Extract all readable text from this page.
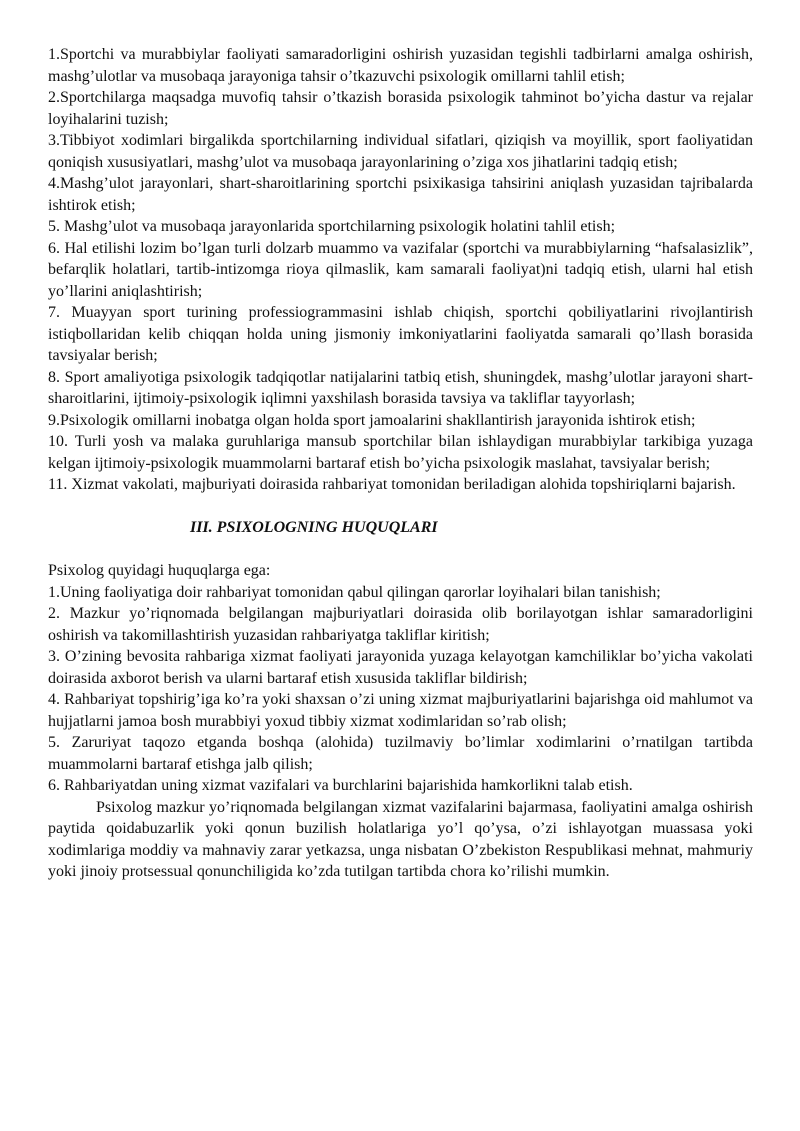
1.Sportchi va murabbiylar faoliyati samaradorligini oshirish yuzasidan tegishli tadbirlarni amalga oshirish, mashg’ulotlar va musobaqa jarayoniga tahsir o’tkazuvchi psixologik omillarni tahlil etish;

2.Sportchilarga maqsadga muvofiq tahsir o’tkazish borasida psixologik tahminot bo’yicha dastur va rejalar loyihalarini tuzish;

3.Tibbiyot xodimlari birgalikda sportchilarning individual sifatlari, qiziqish va moyillik, sport faoliyatidan qoniqish xususiyatlari, mashg’ulot va musobaqa jarayonlarining o’ziga xos jihatlarini tadqiq etish;

4.Mashg’ulot jarayonlari, shart-sharoitlarining sportchi psixikasiga tahsirini aniqlash yuzasidan tajribalarda ishtirok etish;

5. Mashg’ulot va musobaqa jarayonlarida sportchilarning psixologik holatini tahlil etish;

6. Hal etilishi lozim bo’lgan turli dolzarb muammo va vazifalar (sportchi va murabbiylarning “hafsalasizlik”, befarqlik holatlari, tartib-intizomga rioya qilmaslik, kam samarali faoliyat)ni tadqiq etish, ularni hal etish yo’llarini aniqlashtirish;

7. Muayyan sport turining professiogrammasini ishlab chiqish, sportchi qobiliyatlarini rivojlantirish istiqbollaridan kelib chiqqan holda uning jismoniy imkoniyatlarini faoliyatda samarali qo’llash borasida tavsiyalar berish;

8. Sport amaliyotiga psixologik tadqiqotlar natijalarini tatbiq etish, shuningdek, mashg’ulotlar jarayoni shart-sharoitlarini, ijtimoiy-psixologik iqlimni yaxshilash borasida tavsiya va takliflar tayyorlash;

9.Psixologik omillarni inobatga olgan holda sport jamoalarini shakllantirish jarayonida ishtirok etish;

10. Turli yosh va malaka guruhlariga mansub sportchilar bilan ishlaydigan murabbiylar tarkibiga yuzaga kelgan ijtimoiy-psixologik muammolarni bartaraf etish bo’yicha psixologik maslahat, tavsiyalar berish;

11. Xizmat vakolati, majburiyati doirasida rahbariyat tomonidan beriladigan alohida topshiriqlarni bajarish.

III. PSIXOLOGNING HUQUQLARI

Psixolog quyidagi huquqlarga ega:

1.Uning faoliyatiga doir rahbariyat tomonidan qabul qilingan qarorlar loyihalari bilan tanishish;

2. Mazkur yo’riqnomada belgilangan majburiyatlari doirasida olib borilayotgan ishlar samaradorligini oshirish va takomillashtirish yuzasidan rahbariyatga takliflar kiritish;

3. O’zining bevosita rahbariga xizmat faoliyati jarayonida yuzaga kelayotgan kamchiliklar bo’yicha vakolati doirasida axborot berish va ularni bartaraf etish xususida takliflar bildirish;

4. Rahbariyat topshirig’iga ko’ra yoki shaxsan o’zi uning xizmat majburiyatlarini bajarishga oid mahlumot va hujjatlarni jamoa bosh murabbiyi yoxud tibbiy xizmat xodimlaridan so’rab olish;

5. Zaruriyat taqozo etganda boshqa (alohida) tuzilmaviy bo’limlar xodimlarini o’rnatilgan tartibda muammolarni bartaraf etishga jalb qilish;

6. Rahbariyatdan uning xizmat vazifalari va burchlarini bajarishida hamkorlikni talab etish.

Psixolog mazkur yo’riqnomada belgilangan xizmat vazifalarini bajarmasa, faoliyatini amalga oshirish paytida qoidabuzarlik yoki qonun buzilish holatlariga yo’l qo’ysa, o’zi ishlayotgan muassasa yoki xodimlariga moddiy va mahnaviy zarar yetkazsa, unga nisbatan O’zbekiston Respublikasi mehnat, mahmuriy yoki jinoiy protsessual qonunchiligida ko’zda tutilgan tartibda chora ko’rilishi mumkin.
